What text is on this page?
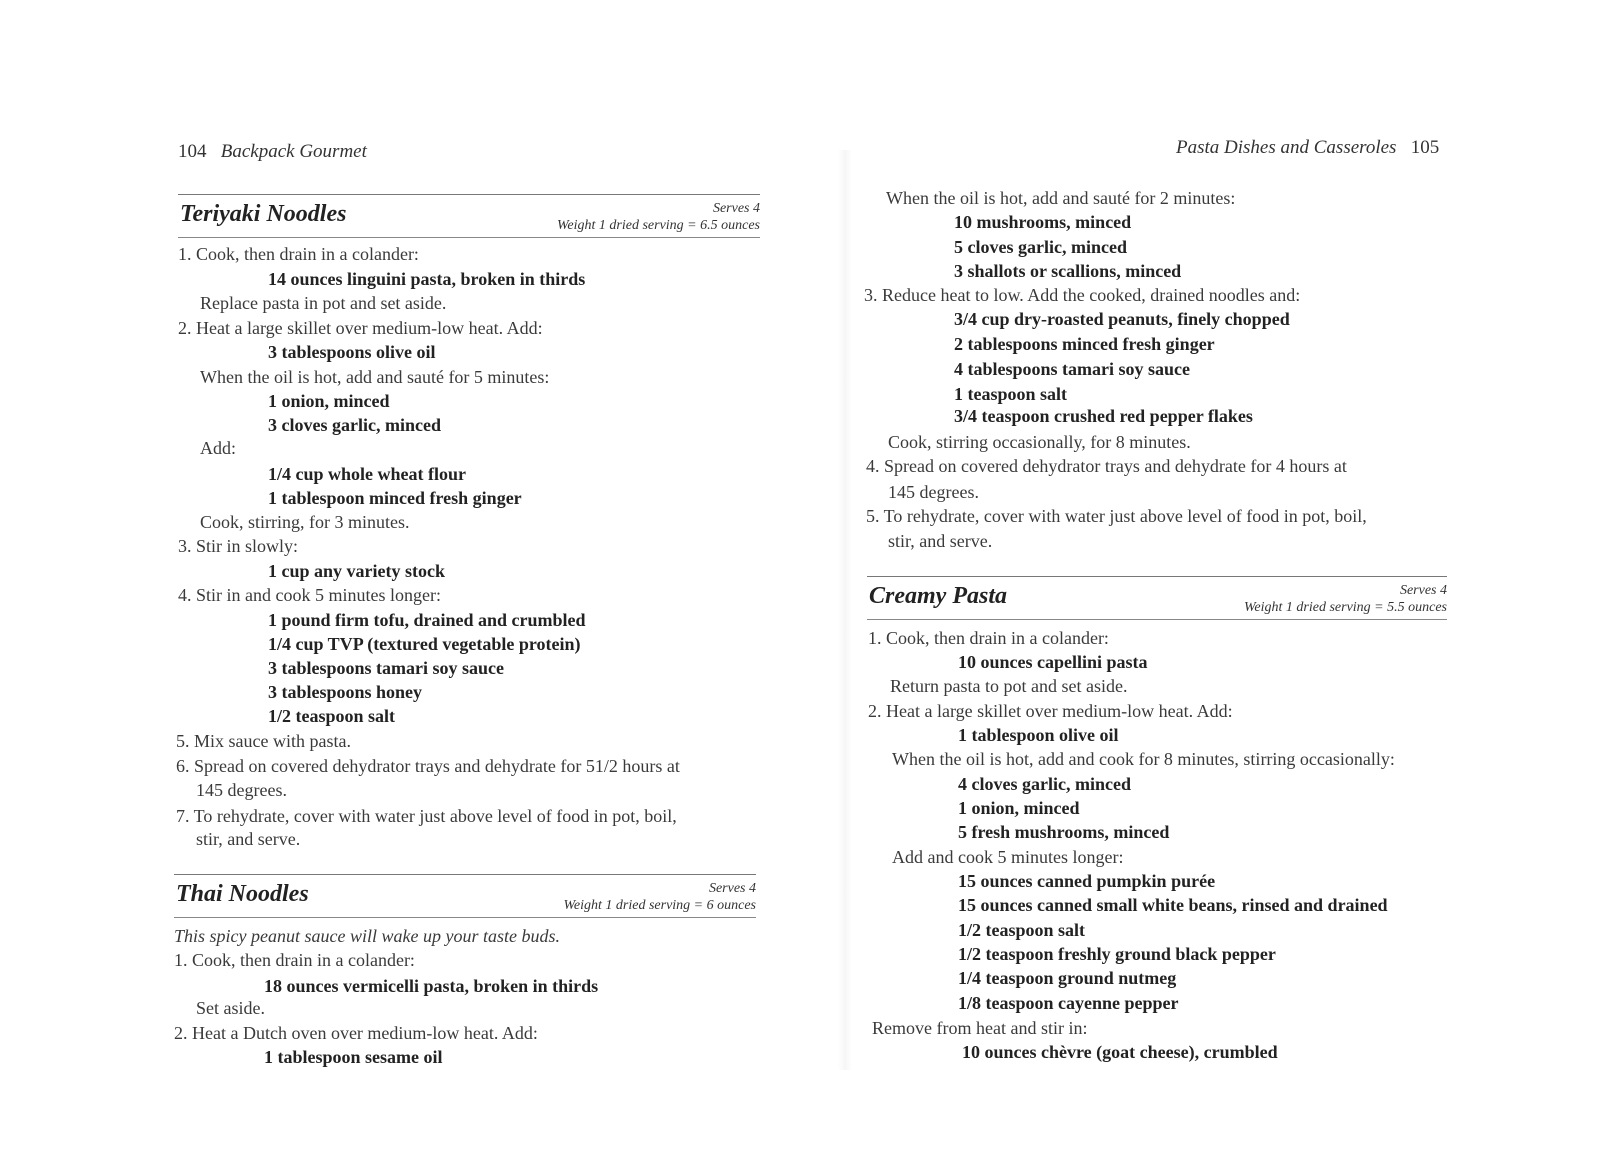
104 Backpack Gourmet
Teriyaki Noodles	Serves 4
Weight 1 dried serving = 6.5 ounces
1. Cook, then drain in a colander:
14 ounces linguini pasta, broken in thirds
Replace pasta in pot and set aside.
2. Heat a large skillet over medium-low heat. Add:
3 tablespoons olive oil
When the oil is hot, add and sauté for 5 minutes:
1 onion, minced
3 cloves garlic, minced
Add:
1/4 cup whole wheat flour
1 tablespoon minced fresh ginger
Cook, stirring, for 3 minutes.
3. Stir in slowly:
1 cup any variety stock
4. Stir in and cook 5 minutes longer:
1 pound firm tofu, drained and crumbled
1/4 cup TVP (textured vegetable protein)
3 tablespoons tamari soy sauce
3 tablespoons honey
1/2 teaspoon salt
5. Mix sauce with pasta.
6. Spread on covered dehydrator trays and dehydrate for 51/2 hours at
145 degrees.
7. To rehydrate, cover with water just above level of food in pot, boil,
stir, and serve.
Thai Noodles	Serves 4
Weight 1 dried serving = 6 ounces
This spicy peanut sauce will wake up your taste buds.
1. Cook, then drain in a colander:
18 ounces vermicelli pasta, broken in thirds
Set aside.
2. Heat a Dutch oven over medium-low heat. Add:
1 tablespoon sesame oil
Pasta Dishes and Casseroles 105
When the oil is hot, add and sauté for 2 minutes:
10 mushrooms, minced
5 cloves garlic, minced
3 shallots or scallions, minced
3. Reduce heat to low. Add the cooked, drained noodles and:
3/4 cup dry-roasted peanuts, finely chopped
2 tablespoons minced fresh ginger
4 tablespoons tamari soy sauce
1 teaspoon salt
3/4 teaspoon crushed red pepper flakes
Cook, stirring occasionally, for 8 minutes.
4. Spread on covered dehydrator trays and dehydrate for 4 hours at
145 degrees.
5. To rehydrate, cover with water just above level of food in pot, boil,
stir, and serve.
Creamy Pasta	Serves 4
Weight 1 dried serving = 5.5 ounces
1. Cook, then drain in a colander:
10 ounces capellini pasta
Return pasta to pot and set aside.
2. Heat a large skillet over medium-low heat. Add:
1 tablespoon olive oil
When the oil is hot, add and cook for 8 minutes, stirring occasionally:
4 cloves garlic, minced
1 onion, minced
5 fresh mushrooms, minced
Add and cook 5 minutes longer:
15 ounces canned pumpkin purée
15 ounces canned small white beans, rinsed and drained
1/2 teaspoon salt
1/2 teaspoon freshly ground black pepper
1/4 teaspoon ground nutmeg
1/8 teaspoon cayenne pepper
Remove from heat and stir in:
10 ounces chèvre (goat cheese), crumbled
